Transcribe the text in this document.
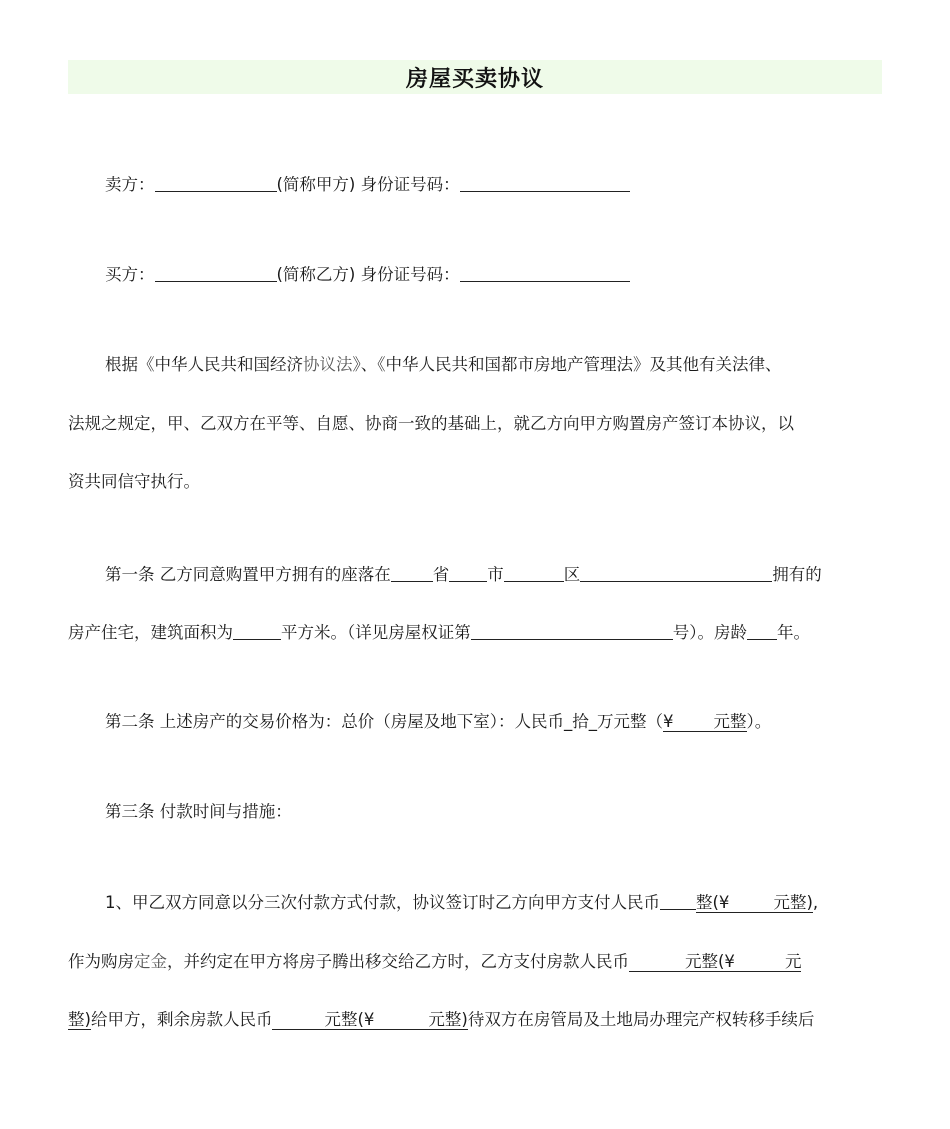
房屋买卖协议
卖方：	(简称甲方) 身份证号码：
买方：	(简称乙方) 身份证号码：
根据《中华人民共和国经济协议法》、《中华人民共和国都市房地产管理法》及其他有关法律、
法规之规定，甲、乙双方在平等、自愿、协商一致的基础上，就乙方向甲方购置房产签订本协议，以
资共同信守执行。
第一条 乙方同意购置甲方拥有的座落在	省 市	区	拥有的
房产住宅，建筑面积为	平方米。（详见房屋权证第	号）。房龄 年。
第二条 上述房产的交易价格为：总价（房屋及地下室）：人民币_拾_万元整（¥ 元整）。
第三条 付款时间与措施：
1、甲乙双方同意以分三次付款方式付款，协议签订时乙方向甲方支付人民币 整(¥	元整),
作为购房定金，并约定在甲方将房子腾出移交给乙方时，乙方支付房款人民币	元整(¥	元
整)给甲方，剩余房款人民币	元整(¥	元整)待双方在房管局及土地局办理完产权转移手续后
